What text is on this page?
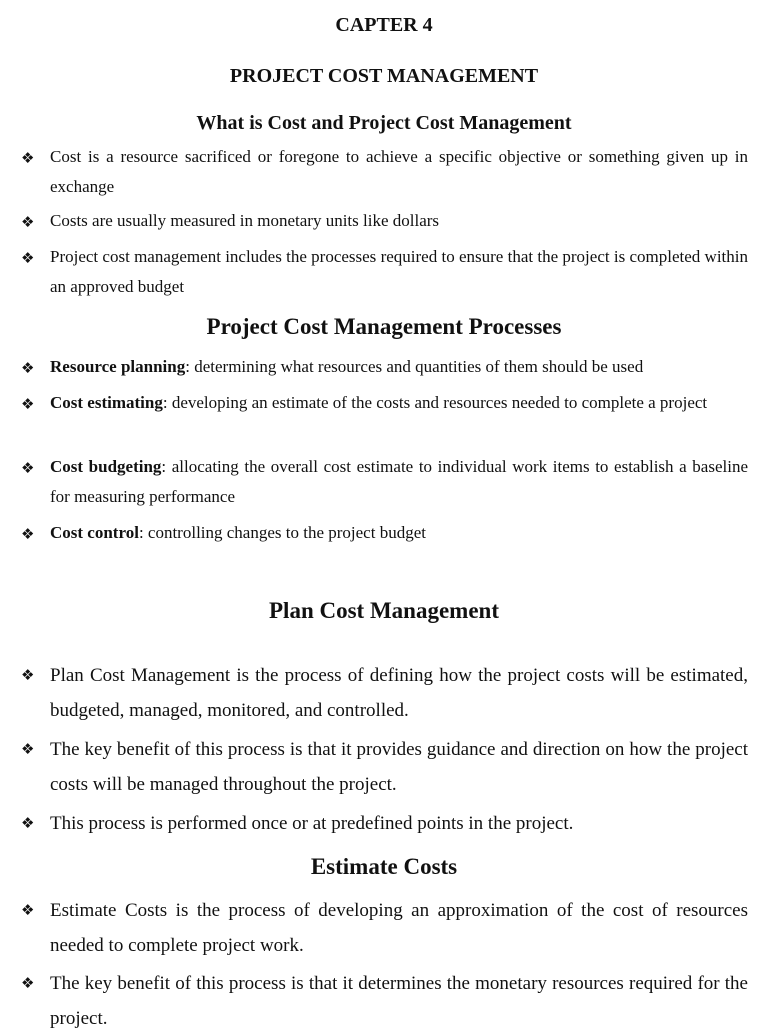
CAPTER 4
PROJECT COST MANAGEMENT
What is Cost and Project Cost Management
❖ Cost is a resource sacrificed or foregone to achieve a specific objective or something given up in exchange
❖ Costs are usually measured in monetary units like dollars
❖ Project cost management includes the processes required to ensure that the project is completed within an approved budget
Project Cost Management Processes
❖ Resource planning: determining what resources and quantities of them should be used
❖ Cost estimating: developing an estimate of the costs and resources needed to complete a project
❖ Cost budgeting: allocating the overall cost estimate to individual work items to establish a baseline for measuring performance
❖ Cost control: controlling changes to the project budget
Plan Cost Management
❖ Plan Cost Management is the process of defining how the project costs will be estimated, budgeted, managed, monitored, and controlled.
❖ The key benefit of this process is that it provides guidance and direction on how the project costs will be managed throughout the project.
❖ This process is performed once or at predefined points in the project.
Estimate Costs
❖ Estimate Costs is the process of developing an approximation of the cost of resources needed to complete project work.
❖ The key benefit of this process is that it determines the monetary resources required for the project.
